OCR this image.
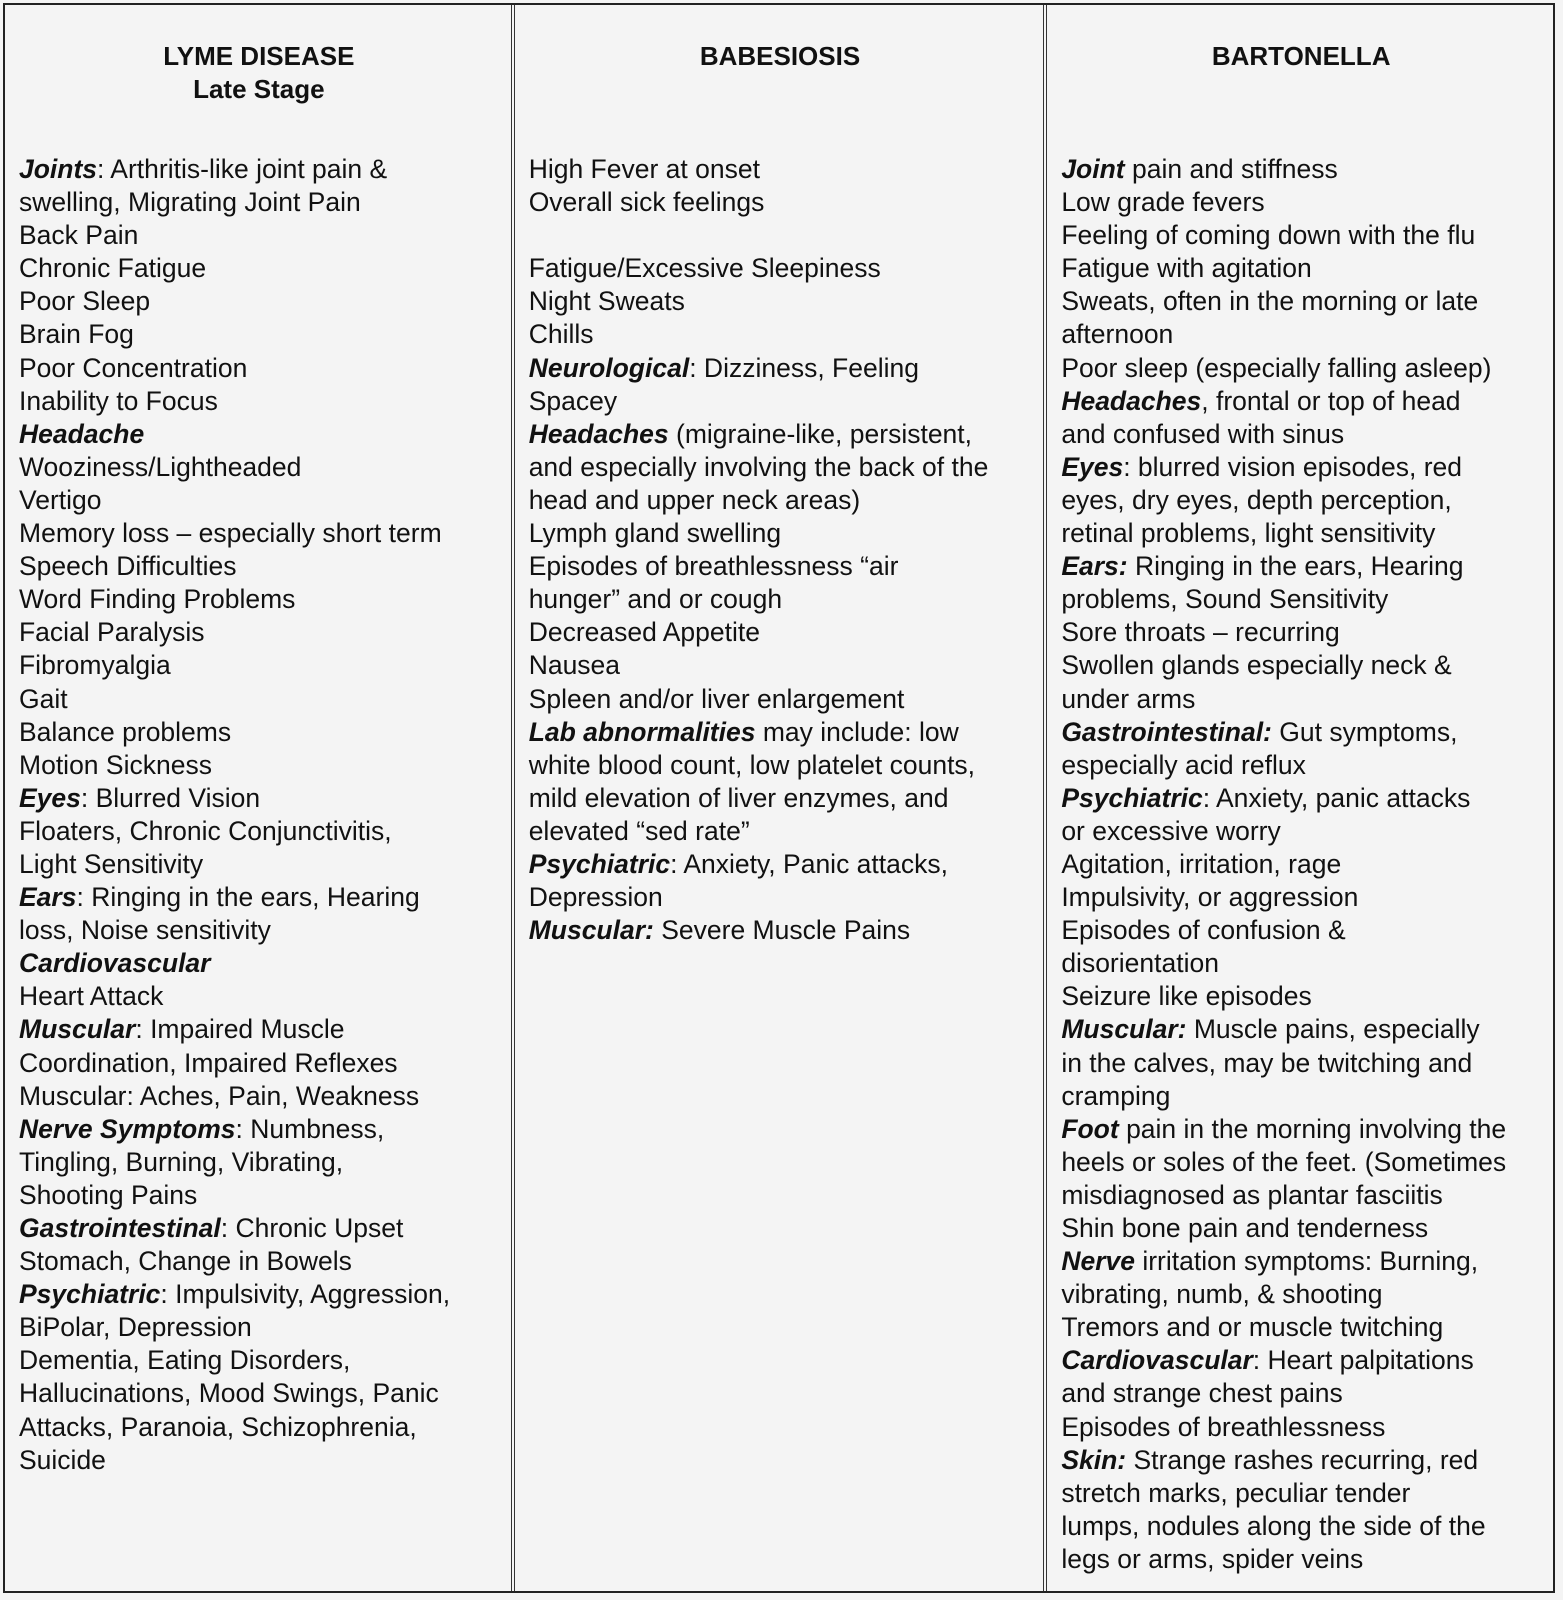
LYME DISEASE
Late Stage
Joints: Arthritis-like joint pain &
swelling, Migrating Joint Pain
Back Pain
Chronic Fatigue
Poor Sleep
Brain Fog
Poor Concentration
Inability to Focus
Headache
Wooziness/Lightheaded
Vertigo
Memory loss – especially short term
Speech Difficulties
Word Finding Problems
Facial Paralysis
Fibromyalgia
Gait
Balance problems
Motion Sickness
Eyes: Blurred Vision
Floaters, Chronic Conjunctivitis,
Light Sensitivity
Ears: Ringing in the ears, Hearing
loss, Noise sensitivity
Cardiovascular
Heart Attack
Muscular: Impaired Muscle
Coordination, Impaired Reflexes
Muscular: Aches, Pain, Weakness
Nerve Symptoms: Numbness,
Tingling, Burning, Vibrating,
Shooting Pains
Gastrointestinal: Chronic Upset
Stomach, Change in Bowels
Psychiatric: Impulsivity, Aggression,
BiPolar, Depression
Dementia, Eating Disorders,
Hallucinations, Mood Swings, Panic
Attacks, Paranoia, Schizophrenia,
Suicide
BABESIOSIS
High Fever at onset
Overall sick feelings
Fatigue/Excessive Sleepiness
Night Sweats
Chills
Neurological: Dizziness, Feeling
Spacey
Headaches (migraine-like, persistent,
and especially involving the back of the
head and upper neck areas)
Lymph gland swelling
Episodes of breathlessness “air
hunger” and or cough
Decreased Appetite
Nausea
Spleen and/or liver enlargement
Lab abnormalities may include: low
white blood count, low platelet counts,
mild elevation of liver enzymes, and
elevated “sed rate”
Psychiatric: Anxiety, Panic attacks,
Depression
Muscular: Severe Muscle Pains
BARTONELLA
Joint pain and stiffness
Low grade fevers
Feeling of coming down with the flu
Fatigue with agitation
Sweats, often in the morning or late
afternoon
Poor sleep (especially falling asleep)
Headaches, frontal or top of head
and confused with sinus
Eyes: blurred vision episodes, red
eyes, dry eyes, depth perception,
retinal problems, light sensitivity
Ears: Ringing in the ears, Hearing
problems, Sound Sensitivity
Sore throats – recurring
Swollen glands especially neck &
under arms
Gastrointestinal: Gut symptoms,
especially acid reflux
Psychiatric: Anxiety, panic attacks
or excessive worry
Agitation, irritation, rage
Impulsivity, or aggression
Episodes of confusion &
disorientation
Seizure like episodes
Muscular: Muscle pains, especially
in the calves, may be twitching and
cramping
Foot pain in the morning involving the
heels or soles of the feet. (Sometimes
misdiagnosed as plantar fasciitis
Shin bone pain and tenderness
Nerve irritation symptoms: Burning,
vibrating, numb, & shooting
Tremors and or muscle twitching
Cardiovascular: Heart palpitations
and strange chest pains
Episodes of breathlessness
Skin: Strange rashes recurring, red
stretch marks, peculiar tender
lumps, nodules along the side of the
legs or arms, spider veins
